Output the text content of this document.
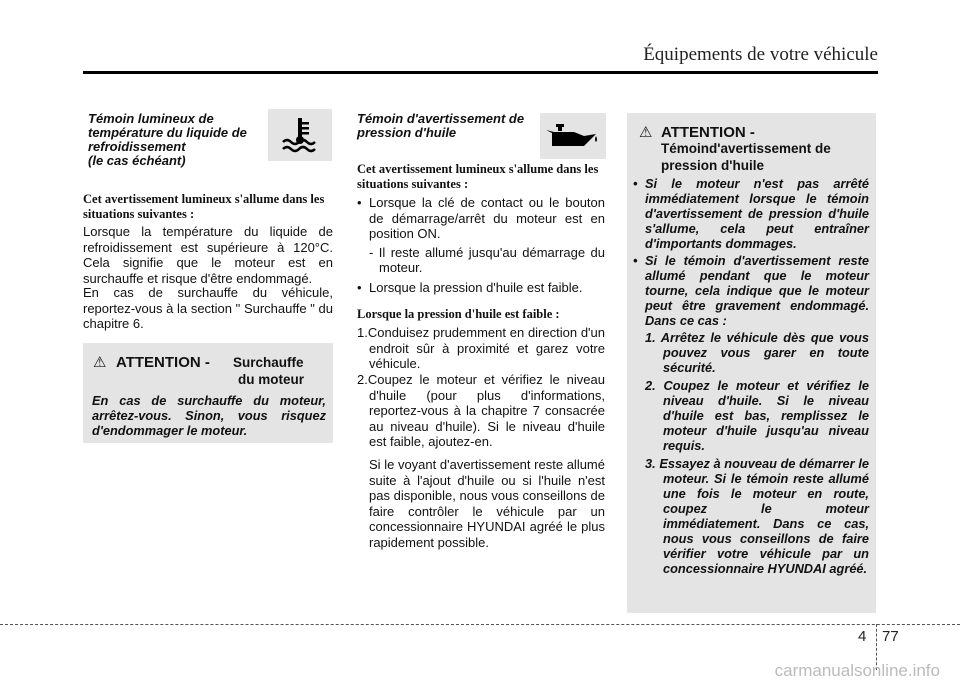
Équipements de votre véhicule
Témoin lumineux de
température du liquide de
refroidissement
(le cas échéant)
Cet avertissement lumineux s'allume dans les situations suivantes :
Lorsque la température du liquide de refroidissement est supérieure à 120°C. Cela signifie que le moteur est en surchauffe et risque d'être endommagé.
En cas de surchauffe du véhicule, reportez-vous à la section " Surchauffe " du chapitre 6.
⚠ ATTENTION - Surchauffe
du moteur
En cas de surchauffe du moteur, arrêtez-vous. Sinon, vous risquez d'endommager le moteur.
Témoin d'avertissement de
pression d'huile
Cet avertissement lumineux s'allume dans les situations suivantes :
• Lorsque la clé de contact ou le bouton de démarrage/arrêt du moteur est en position ON.
- Il reste allumé jusqu'au démarrage du moteur.
• Lorsque la pression d'huile est faible.
Lorsque la pression d'huile est faible :
1.Conduisez prudemment en direction d'un endroit sûr à proximité et garez votre véhicule.
2.Coupez le moteur et vérifiez le niveau d'huile (pour plus d'informations, reportez-vous à la chapitre 7 consacrée au niveau d'huile). Si le niveau d'huile est faible, ajoutez-en.
Si le voyant d'avertissement reste allumé suite à l'ajout d'huile ou si l'huile n'est pas disponible, nous vous conseillons de faire contrôler le véhicule par un concessionnaire HYUNDAI agréé le plus rapidement possible.
⚠ ATTENTION -
Témoind'avertissement de
pression d'huile
• Si le moteur n'est pas arrêté immédiatement lorsque le témoin d'avertissement de pression d'huile s'allume, cela peut entraîner d'importants dommages.
• Si le témoin d'avertissement reste allumé pendant que le moteur tourne, cela indique que le moteur peut être gravement endommagé. Dans ce cas :
1. Arrêtez le véhicule dès que vous pouvez vous garer en toute sécurité.
2. Coupez le moteur et vérifiez le niveau d'huile. Si le niveau d'huile est bas, remplissez le moteur d'huile jusqu'au niveau requis.
3. Essayez à nouveau de démarrer le moteur. Si le témoin reste allumé une fois le moteur en route, coupez le moteur immédiatement. Dans ce cas, nous vous conseillons de faire vérifier votre véhicule par un concessionnaire HYUNDAI agréé.
4 77
carmanualsonline.info
